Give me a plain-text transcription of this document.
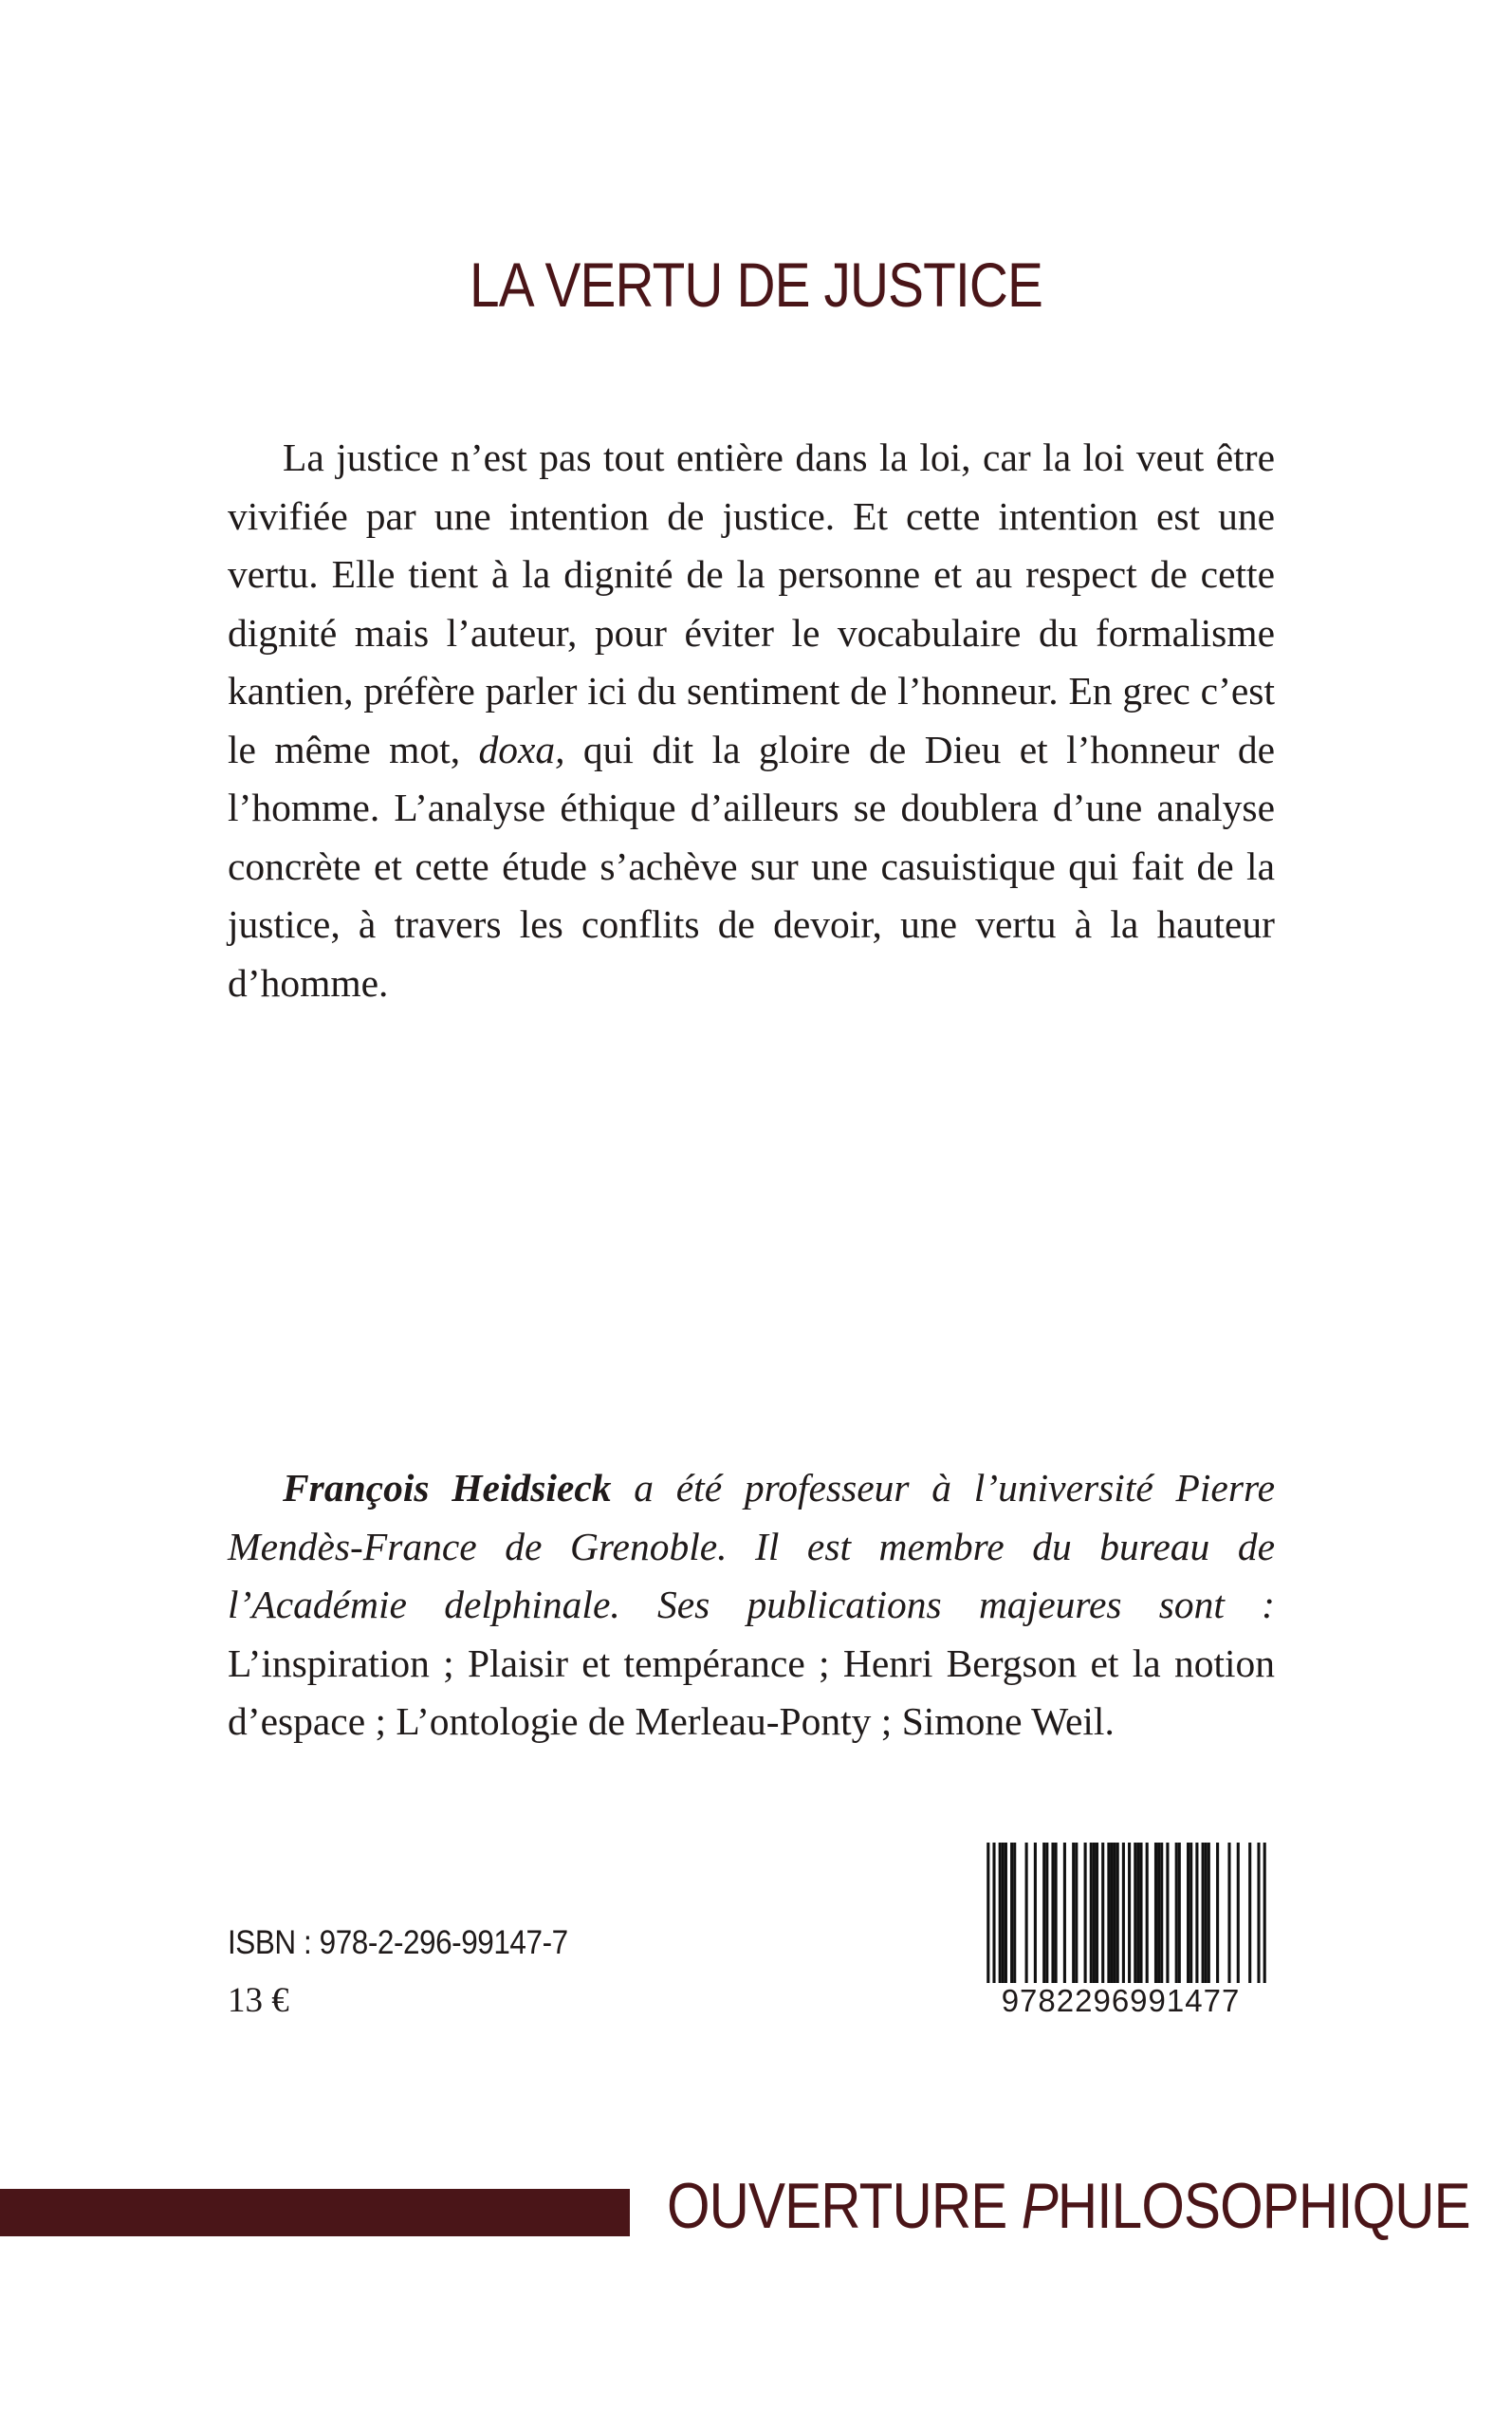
LA VERTU DE JUSTICE

La justice n’est pas tout entière dans la loi, car la loi veut être vivifiée par une intention de justice. Et cette intention est une vertu. Elle tient à la dignité de la personne et au respect de cette dignité mais l’auteur, pour éviter le vocabulaire du formalisme kantien, préfère parler ici du sentiment de l’honneur. En grec c’est le même mot, doxa, qui dit la gloire de Dieu et l’honneur de l’homme. L’analyse éthique d’ailleurs se doublera d’une analyse concrète et cette étude s’achève sur une casuistique qui fait de la justice, à travers les conflits de devoir, une vertu à la hauteur d’homme.

François Heidsieck a été professeur à l’université Pierre Mendès-France de Grenoble. Il est membre du bureau de l’Académie delphinale. Ses publications majeures sont : L’inspiration ; Plaisir et tempérance ; Henri Bergson et la notion d’espace ; L’ontologie de Merleau-Ponty ; Simone Weil.

ISBN : 978-2-296-99147-7
13 €	9782296991477
OUVERTURE PHILOSOPHIQUE
